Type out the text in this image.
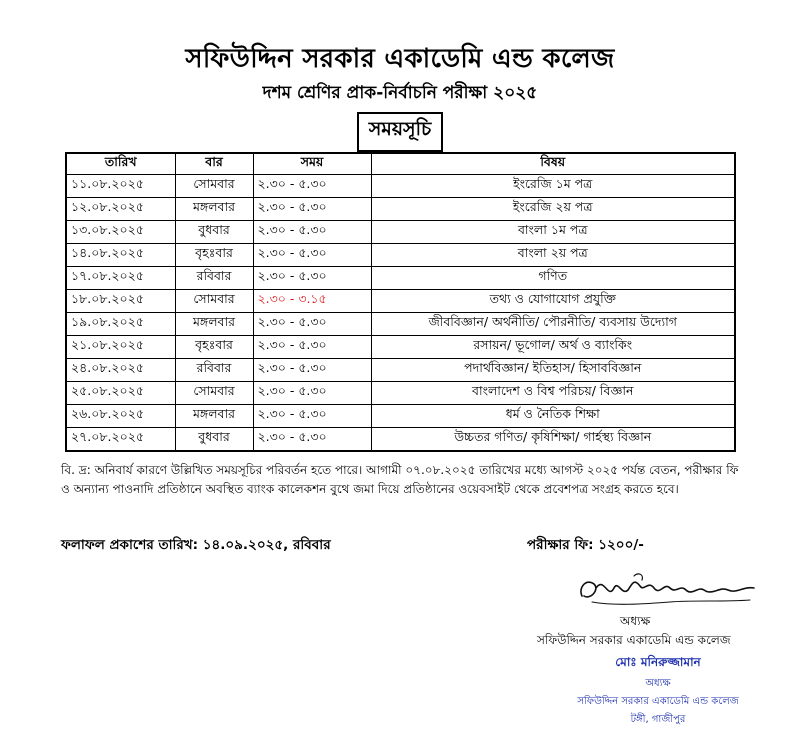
সফিউদ্দিন সরকার একাডেমি এন্ড কলেজ
দশম শ্রেণির প্রাক-নির্বাচনি পরীক্ষা ২০২৫
সময়সূচি
তারিখ	বার	সময়	বিষয়
১১.০৮.২০২৫	সোমবার	২.৩০ - ৫.৩০	ইংরেজি ১ম পত্র
১২.০৮.২০২৫	মঙ্গলবার	২.৩০ - ৫.৩০	ইংরেজি ২য় পত্র
১৩.০৮.২০২৫	বুধবার	২.৩০ - ৫.৩০	বাংলা ১ম পত্র
১৪.০৮.২০২৫	বৃহঃবার	২.৩০ - ৫.৩০	বাংলা ২য় পত্র
১৭.০৮.২০২৫	রবিবার	২.৩০ - ৫.৩০	গণিত
১৮.০৮.২০২৫	সোমবার	২.৩০ - ৩.১৫	তথ্য ও যোগাযোগ প্রযুক্তি
১৯.০৮.২০২৫	মঙ্গলবার	২.৩০ - ৫.৩০	জীববিজ্ঞান/ অর্থনীতি/ পৌরনীতি/ ব্যবসায় উদ্যোগ
২১.০৮.২০২৫	বৃহঃবার	২.৩০ - ৫.৩০	রসায়ন/ ভূগোল/ অর্থ ও ব্যাংকিং
২৪.০৮.২০২৫	রবিবার	২.৩০ - ৫.৩০	পদার্থবিজ্ঞান/ ইতিহাস/ হিসাববিজ্ঞান
২৫.০৮.২০২৫	সোমবার	২.৩০ - ৫.৩০	বাংলাদেশ ও বিশ্ব পরিচয়/ বিজ্ঞান
২৬.০৮.২০২৫	মঙ্গলবার	২.৩০ - ৫.৩০	ধর্ম ও নৈতিক শিক্ষা
২৭.০৮.২০২৫	বুধবার	২.৩০ - ৫.৩০	উচ্চতর গণিত/ কৃষিশিক্ষা/ গার্হস্থ্য বিজ্ঞান
বি. দ্র: অনিবার্য কারণে উল্লিখিত সময়সূচির পরিবর্তন হতে পারে। আগামী ০৭.০৮.২০২৫ তারিখের মধ্যে আগস্ট ২০২৫ পর্যন্ত বেতন, পরীক্ষার ফি ও অন্যান্য পাওনাদি প্রতিষ্ঠানে অবস্থিত ব্যাংক কালেকশন বুথে জমা দিয়ে প্রতিষ্ঠানের ওয়েবসাইট থেকে প্রবেশপত্র সংগ্রহ করতে হবে।
ফলাফল প্রকাশের তারিখ: ১৪.০৯.২০২৫, রবিবার	পরীক্ষার ফি: ১২০০/-
অধ্যক্ষ
সফিউদ্দিন সরকার একাডেমি এন্ড কলেজ
মোঃ মনিরুজ্জামান
অধ্যক্ষ
সফিউদ্দিন সরকার একাডেমি এন্ড কলেজ
টঙ্গী, গাজীপুর
